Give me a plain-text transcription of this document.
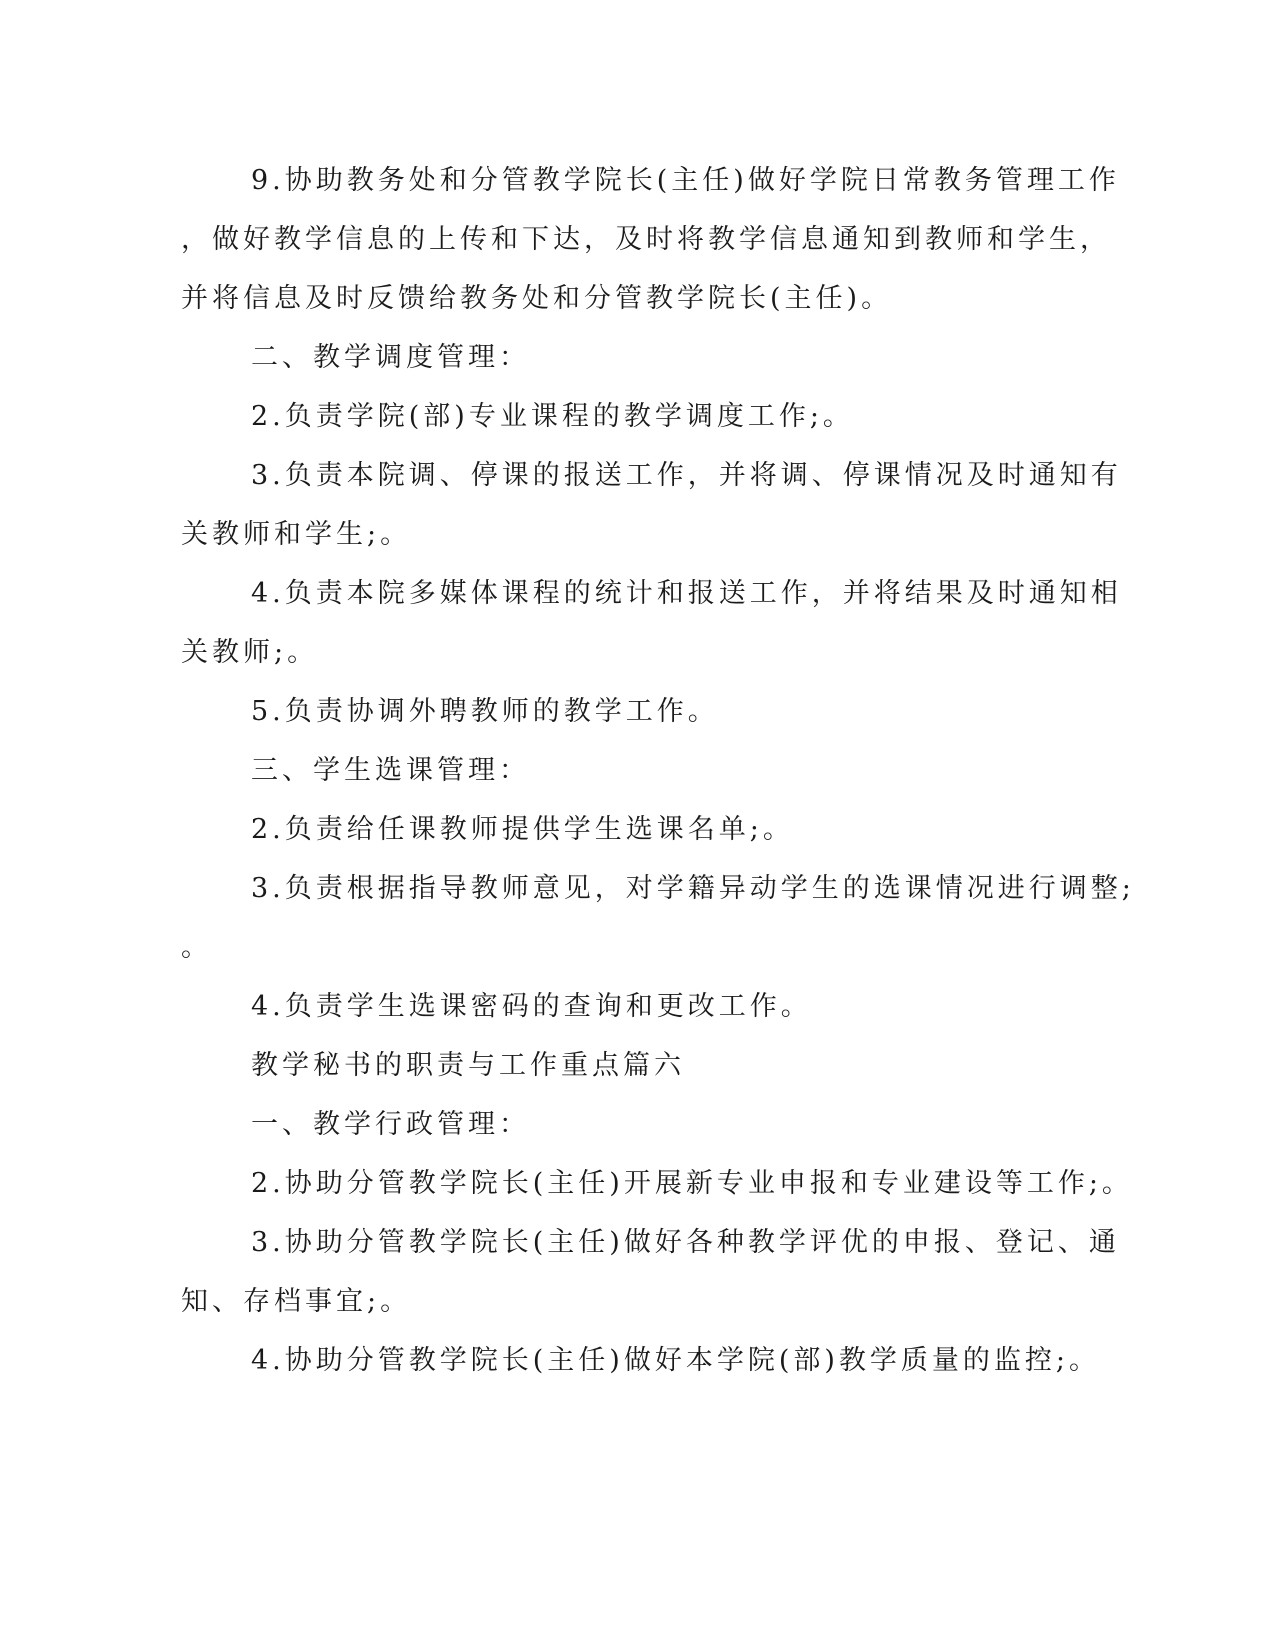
9.协助教务处和分管教学院长(主任)做好学院日常教务管理工作
，做好教学信息的上传和下达，及时将教学信息通知到教师和学生，
并将信息及时反馈给教务处和分管教学院长(主任)。
二、教学调度管理：
2.负责学院(部)专业课程的教学调度工作;。
3.负责本院调、停课的报送工作，并将调、停课情况及时通知有
关教师和学生;。
4.负责本院多媒体课程的统计和报送工作，并将结果及时通知相
关教师;。
5.负责协调外聘教师的教学工作。
三、学生选课管理：
2.负责给任课教师提供学生选课名单;。
3.负责根据指导教师意见，对学籍异动学生的选课情况进行调整;
。
4.负责学生选课密码的查询和更改工作。
教学秘书的职责与工作重点篇六
一、教学行政管理：
2.协助分管教学院长(主任)开展新专业申报和专业建设等工作;。
3.协助分管教学院长(主任)做好各种教学评优的申报、登记、通
知、存档事宜;。
4.协助分管教学院长(主任)做好本学院(部)教学质量的监控;。
